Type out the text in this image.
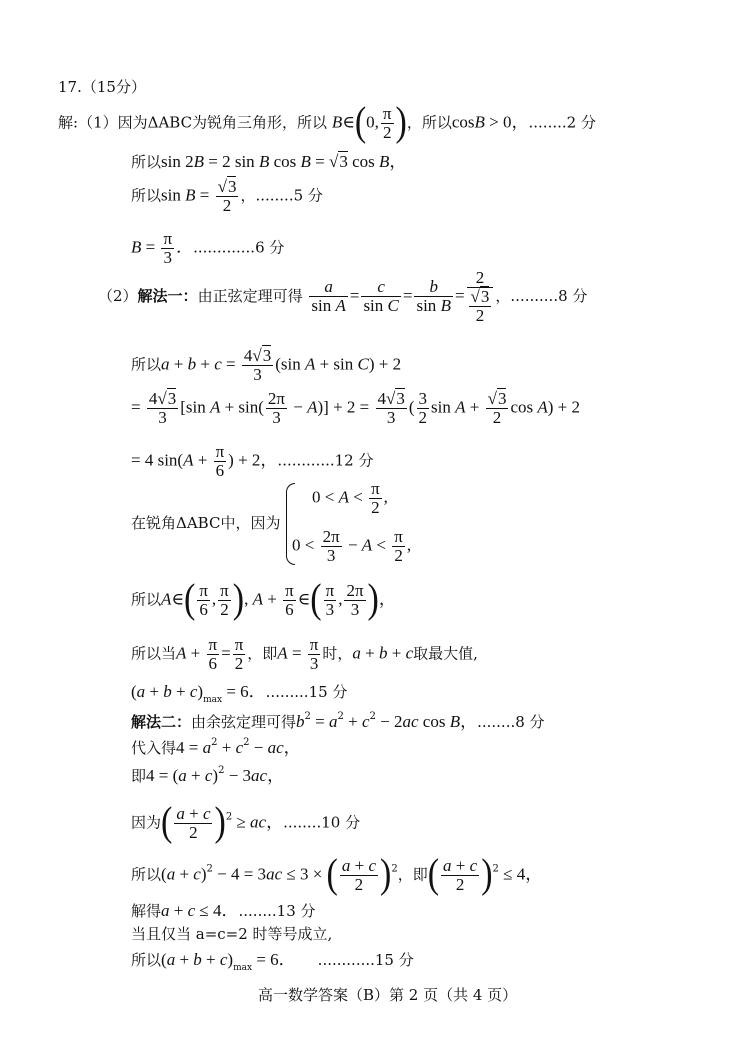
17.（15分）
解:（1）因为ΔABC为锐角三角形，所以 B∈(0, $\frac{\pi}{2}$ )，所以cosB > 0，........2 分
所以sin 2B = 2 sin B cos B = √3 cos B，
所以$\sin B = \frac{√3}{2}$ ，........5 分
$B = \frac{\pi}{3}$ ．.............6 分
（2）解法一：由正弦定理可得 $\frac{a}{\text{sin A}} = \frac{c}{\text{sin C}} = \frac{b}{\text{sin B}} = \frac{2}{\frac{√3}{2}}$ ，..........8 分
所以$a + b + c = \frac{4√3}{3} (\sin$ A + sin C) + 2
= $\frac{4√3}{3} [\sin$ $A + \sin( \frac{2\pi}{3} - A)] + 2 = \frac{4√3}{3}$ ( $\frac{3}{2}$ $\sin A + \frac{√3}{2}$ cos A) + 2
= 4 $\sin(A + \frac{\pi}{6}$ ) + 2，............12 分
在锐角ΔABC中，因为
$0 < A < \frac{\pi}{2}$ ,
$0 < \frac{2\pi}{3} - A < \frac{\pi}{2}$ ,
所以A∈( $\frac{\pi}{6}$ , $\frac{\pi}{2}$ ), $A + \frac{\pi}{6}$ ∈( $\frac{\pi}{3}$ , $\frac{2\pi}{3}$ )，
所以当$A + \frac{\pi}{6} = \frac{\pi}{2}$ ，即$A = \frac{\pi}{3}$ 时，a + b + c取最大值,
$(a + b + c)_{max} = 6$．.........15 分
解法二：由余弦定理可得$b^2 = a^2 + c^2 - 2ac$ cos B，........8 分
代入得$4 = a^2 + c^2$ − ac，
即$4 = (a + c)^2 - 3ac$，
因为( $\frac{a + c}{2} )^2$ ≥ ac，........10 分
所以$(a + c)^2 - 4 = 3ac \le 3$ × ( $\frac{a + c}{2} )^2$，即( $\frac{a + c}{2} )^2 \le 4$，
解得a + c ≤ 4．........13 分
当且仅当 a=c=2 时等号成立,
所以$(a + b + c)_{max} = 6$． ............15 分
高一数学答案（B）第 2 页（共 4 页）
